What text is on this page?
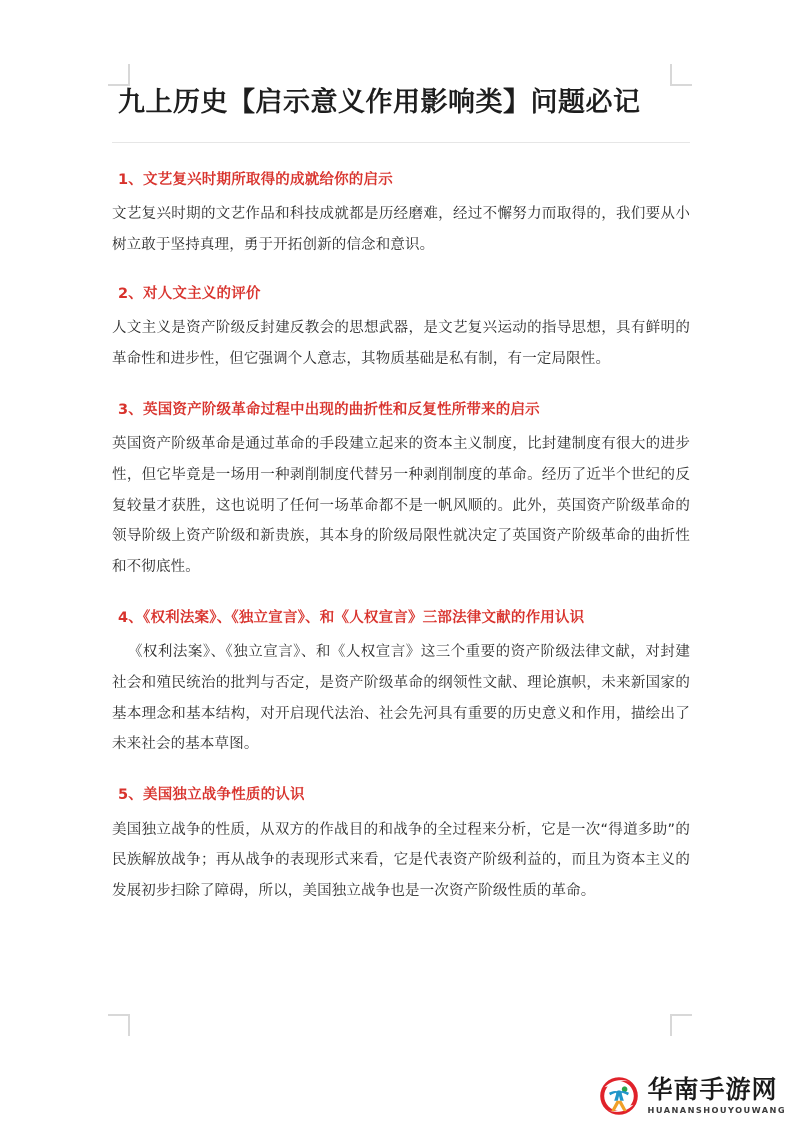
九上历史【启示意义作用影响类】问题必记
1、文艺复兴时期所取得的成就给你的启示

文艺复兴时期的文艺作品和科技成就都是历经磨难，经过不懈努力而取得的，我们要从小树立敢于坚持真理，勇于开拓创新的信念和意识。

2、对人文主义的评价

人文主义是资产阶级反封建反教会的思想武器，是文艺复兴运动的指导思想，具有鲜明的革命性和进步性，但它强调个人意志，其物质基础是私有制，有一定局限性。

3、英国资产阶级革命过程中出现的曲折性和反复性所带来的启示

英国资产阶级革命是通过革命的手段建立起来的资本主义制度，比封建制度有很大的进步性，但它毕竟是一场用一种剥削制度代替另一种剥削制度的革命。经历了近半个世纪的反复较量才获胜，这也说明了任何一场革命都不是一帆风顺的。此外，英国资产阶级革命的领导阶级上资产阶级和新贵族，其本身的阶级局限性就决定了英国资产阶级革命的曲折性和不彻底性。

4、《权利法案》、《独立宣言》、和《人权宣言》三部法律文献的作用认识

《权利法案》、《独立宣言》、和《人权宣言》这三个重要的资产阶级法律文献，对封建社会和殖民统治的批判与否定，是资产阶级革命的纲领性文献、理论旗帜，未来新国家的基本理念和基本结构，对开启现代法治、社会先河具有重要的历史意义和作用，描绘出了未来社会的基本草图。

5、美国独立战争性质的认识

美国独立战争的性质，从双方的作战目的和战争的全过程来分析，它是一次“得道多助”的民族解放战争；再从战争的表现形式来看，它是代表资产阶级利益的，而且为资本主义的发展初步扫除了障碍，所以，美国独立战争也是一次资产阶级性质的革命。

华南手游网
HUANANSHOUYOUWANG
